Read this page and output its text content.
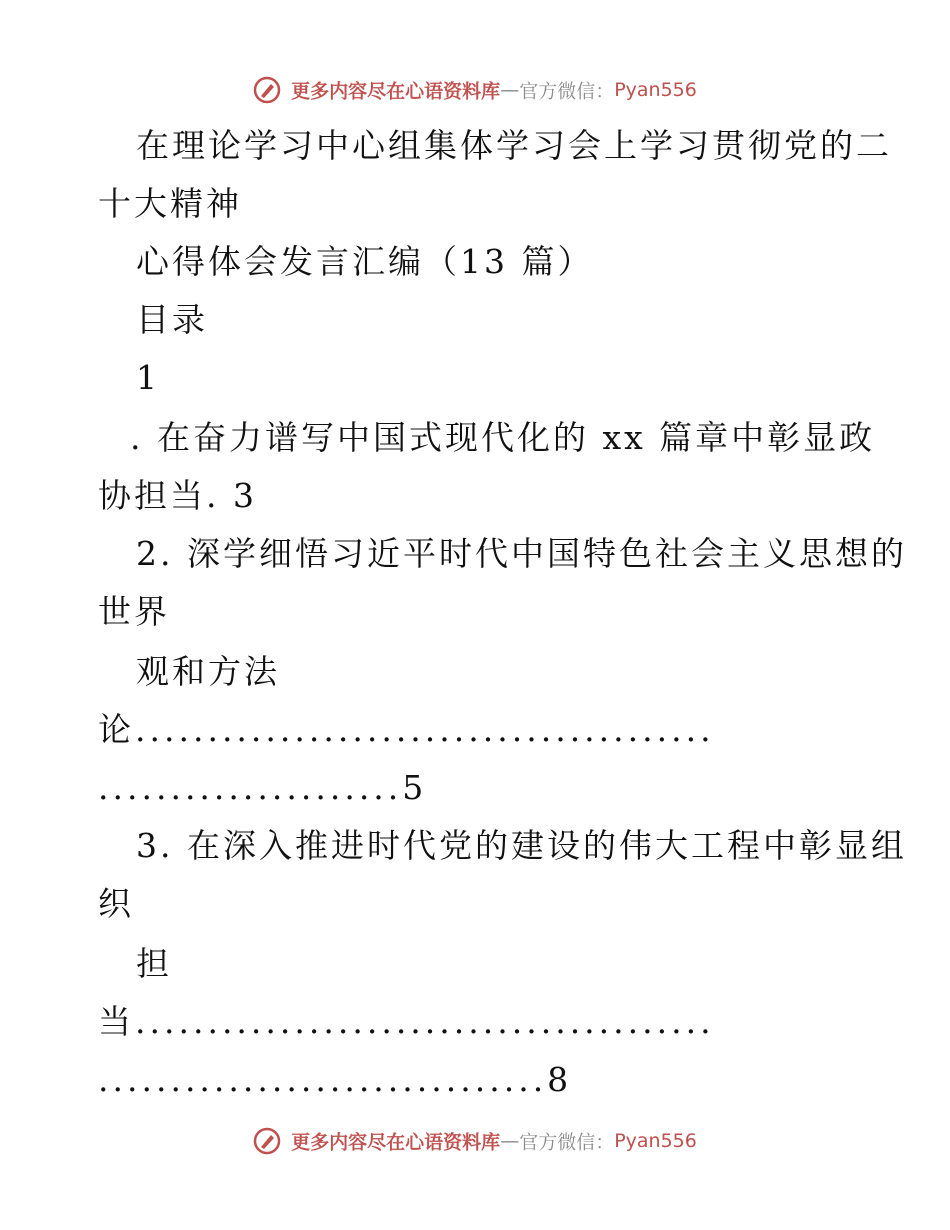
更多内容尽在心语资料库—官方微信：Pyan556
在理论学习中心组集体学习会上学习贯彻党的二
十大精神
心得体会发言汇编（13 篇）
目录
1
. 在奋力谱写中国式现代化的 xx 篇章中彰显政
协担当. 3
2. 深学细悟习近平时代中国特色社会主义思想的
世界
观和方法
论........................................
.....................5
3. 在深入推进时代党的建设的伟大工程中彰显组
织
担
当........................................
...............................8
更多内容尽在心语资料库—官方微信：Pyan556
